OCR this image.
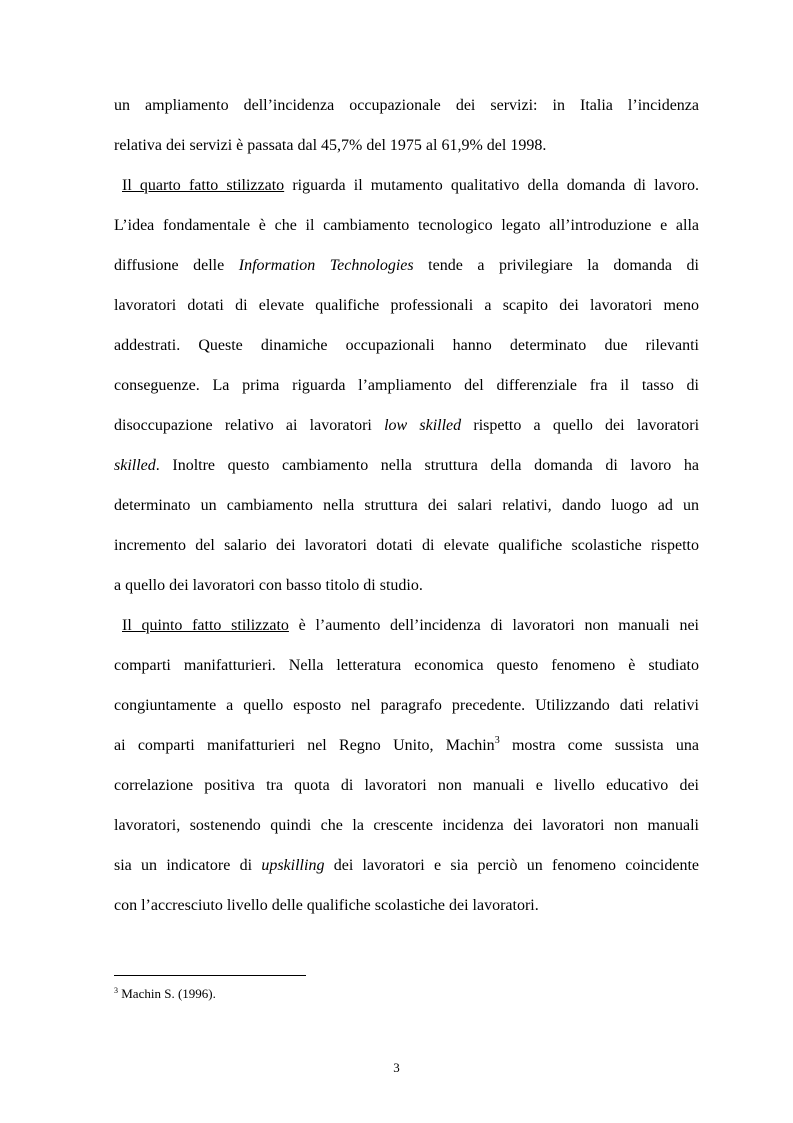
un ampliamento dell’incidenza occupazionale dei servizi: in Italia l’incidenza
relativa dei servizi è passata dal 45,7% del 1975 al 61,9% del 1998.
Il quarto fatto stilizzato riguarda il mutamento qualitativo della domanda di lavoro.
L’idea fondamentale è che il cambiamento tecnologico legato all’introduzione e alla
diffusione delle Information Technologies tende a privilegiare la domanda di
lavoratori dotati di elevate qualifiche professionali a scapito dei lavoratori meno
addestrati. Queste dinamiche occupazionali hanno determinato due rilevanti
conseguenze. La prima riguarda l’ampliamento del differenziale fra il tasso di
disoccupazione relativo ai lavoratori low skilled rispetto a quello dei lavoratori
skilled. Inoltre questo cambiamento nella struttura della domanda di lavoro ha
determinato un cambiamento nella struttura dei salari relativi, dando luogo ad un
incremento del salario dei lavoratori dotati di elevate qualifiche scolastiche rispetto
a quello dei lavoratori con basso titolo di studio.
Il quinto fatto stilizzato è l’aumento dell’incidenza di lavoratori non manuali nei
comparti manifatturieri. Nella letteratura economica questo fenomeno è studiato
congiuntamente a quello esposto nel paragrafo precedente. Utilizzando dati relativi
ai comparti manifatturieri nel Regno Unito, Machin$^3$ mostra come sussista una
correlazione positiva tra quota di lavoratori non manuali e livello educativo dei
lavoratori, sostenendo quindi che la crescente incidenza dei lavoratori non manuali
sia un indicatore di upskilling dei lavoratori e sia perciò un fenomeno coincidente
con l’accresciuto livello delle qualifiche scolastiche dei lavoratori.
$^3$ Machin S. (1996).
3
